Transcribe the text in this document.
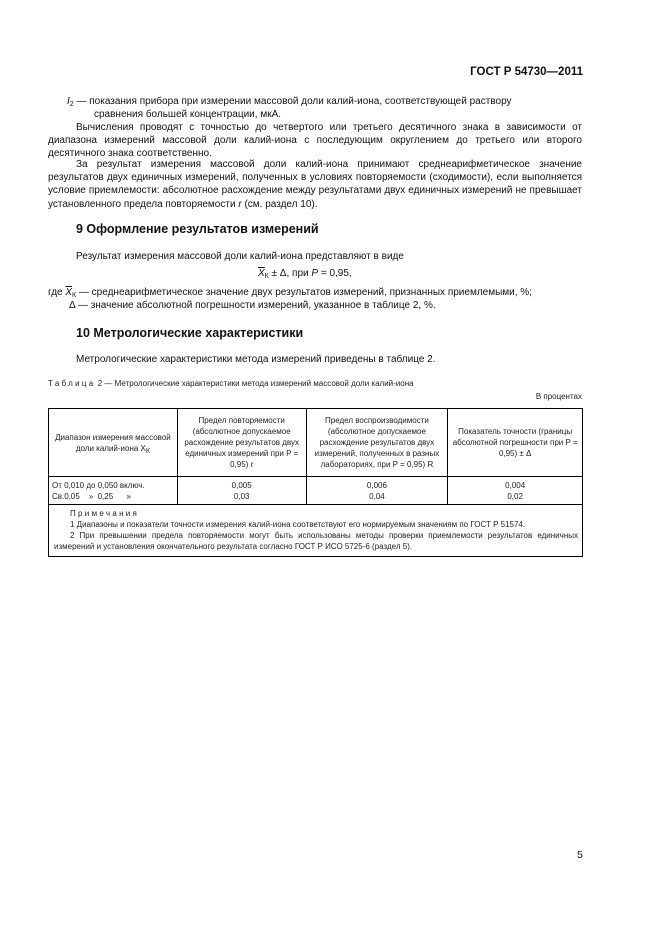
ГОСТ Р 54730—2011
$I_2$ — показания прибора при измерении массовой доли калий-иона, соответствующей раствору
сравнения большей концентрации, мкА.
Вычисления проводят с точностью до четвертого или третьего десятичного знака в зависимости от диапазона измерений массовой доли калий-иона с последующим округлением до третьего или второго десятичного знака соответственно.
За результат измерения массовой доли калий-иона принимают среднеарифметическое значение результатов двух единичных измерений, полученных в условиях повторяемости (сходимости), если выполняется условие приемлемости: абсолютное расхождение между результатами двух единичных измерений не превышает установленного предела повторяемости r (см. раздел 10).
9 Оформление результатов измерений
Результат измерения массовой доли калий-иона представляют в виде
$\overline{X}_К \pm \Delta$, при P = 0,95,
где $\overline{X}_К$ — среднеарифметическое значение двух результатов измерений, признанных приемлемыми, %;
Δ — значение абсолютной погрешности измерений, указанное в таблице 2, %.
10 Метрологические характеристики
Метрологические характеристики метода измерений приведены в таблице 2.
Таблица 2 — Метрологические характеристики метода измерений массовой доли калий-иона
В процентах
Диапазон измерения массовой доли калий-иона $X_К$	Предел повторяемости (абсолютное допускаемое расхождение результатов двух единичных измерений при P = 0,95) r	Предел воспроизводимости (абсолютное допускаемое расхождение результатов двух измерений, полученных в разных лабораториях, при P = 0,95) R	Показатель точности (границы абсолютной погрешности при P = 0,95) ± Δ
От 0,010 до 0,050 включ.	0,005	0,006	0,004
Св.0,05    »  0,25      »	0,03	0,04	0,02

Примечания
1 Диапазоны и показатели точности измерения калий-иона соответствуют его нормируемым значениям по ГОСТ Р 51574.
2 При превышении предела повторяемости могут быть использованы методы проверки приемлемости результатов единичных измерений и установления окончательного результата согласно ГОСТ Р ИСО 5725-6 (раздел 5).			
5
